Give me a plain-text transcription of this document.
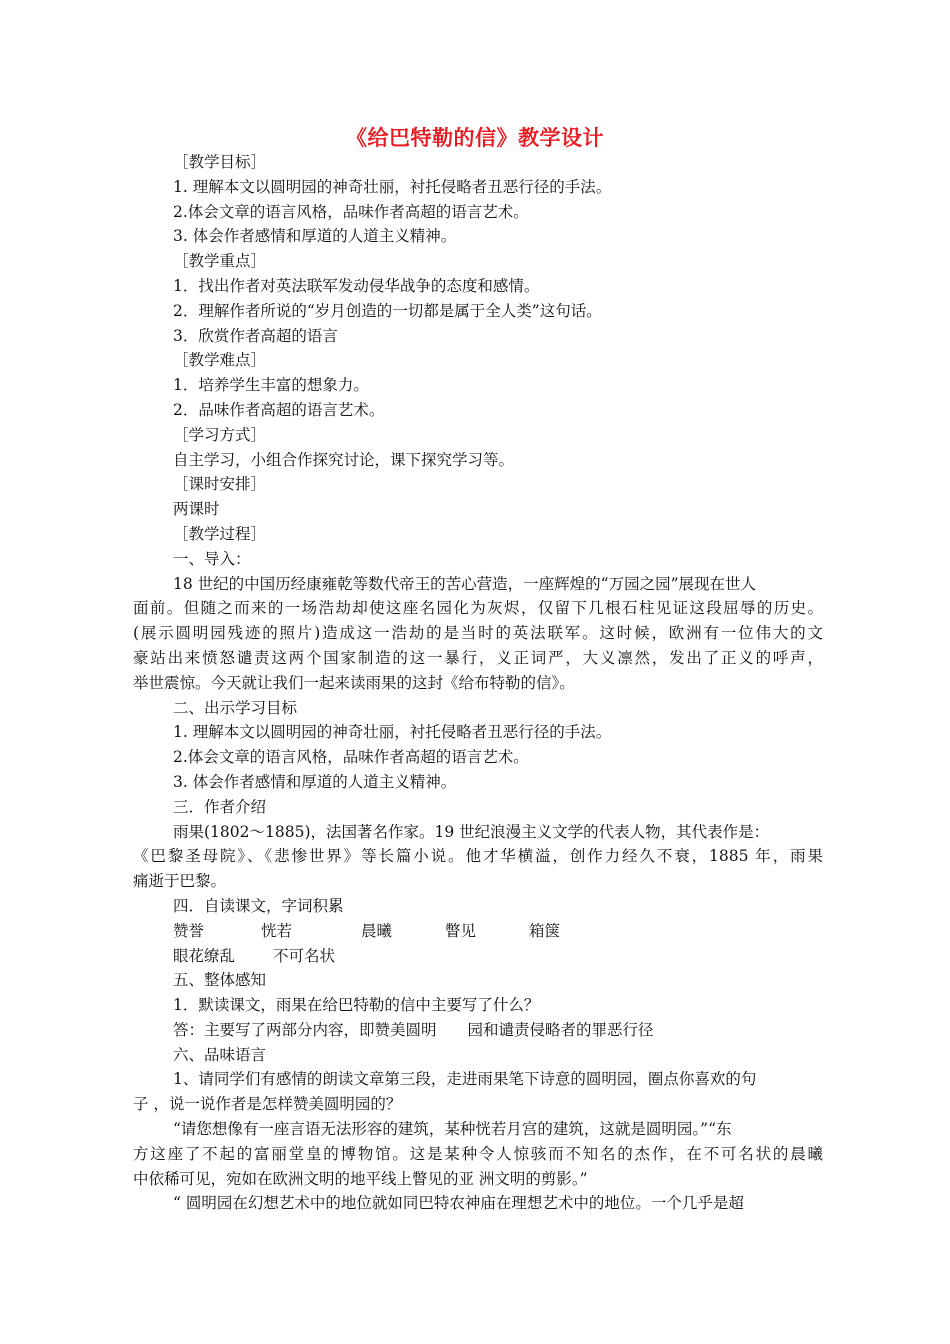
《给巴特勒的信》教学设计
［教学目标］
1. 理解本文以圆明园的神奇壮丽，衬托侵略者丑恶行径的手法。
2.体会文章的语言风格，品味作者高超的语言艺术。
3. 体会作者感情和厚道的人道主义精神。
［教学重点］
1．找出作者对英法联军发动侵华战争的态度和感情。
2．理解作者所说的“岁月创造的一切都是属于全人类”这句话。
3．欣赏作者高超的语言
［教学难点］
1．培养学生丰富的想象力。
2．品味作者高超的语言艺术。
［学习方式］
自主学习，小组合作探究讨论，课下探究学习等。
［课时安排］
两课时
［教学过程］
一、导入：
18 世纪的中国历经康雍乾等数代帝王的苦心营造，一座辉煌的“万园之园”展现在世人
面前。但随之而来的一场浩劫却使这座名园化为灰烬，仅留下几根石柱见证这段屈辱的历史。
(展示圆明园残迹的照片)造成这一浩劫的是当时的英法联军。这时候，欧洲有一位伟大的文
豪站出来愤怒谴责这两个国家制造的这一暴行，义正词严，大义凛然，发出了正义的呼声，
举世震惊。今天就让我们一起来读雨果的这封《给布特勒的信》。
二、出示学习目标
1. 理解本文以圆明园的神奇壮丽，衬托侵略者丑恶行径的手法。
2.体会文章的语言风格，品味作者高超的语言艺术。
3. 体会作者感情和厚道的人道主义精神。
三．作者介绍
雨果(1802～1885)，法国著名作家。19 世纪浪漫主义文学的代表人物，其代表作是：
《巴黎圣母院》、《悲惨世界》等长篇小说。他才华横溢，创作力经久不衰，1885 年，雨果
痛逝于巴黎。
四．自读课文，字词积累
赞誉	恍若	晨曦	瞥见	箱箧
眼花缭乱 不可名状
五、整体感知
1．默读课文，雨果在给巴特勒的信中主要写了什么？
答：主要写了两部分内容，即赞美圆明　　园和谴责侵略者的罪恶行径
六、品味语言
1、请同学们有感情的朗读文章第三段，走进雨果笔下诗意的圆明园，圈点你喜欢的句
子 ，说一说作者是怎样赞美圆明园的？
“请您想像有一座言语无法形容的建筑，某种恍若月宫的建筑，这就是圆明园。”“东
方这座了不起的富丽堂皇的博物馆。这是某种令人惊骇而不知名的杰作，在不可名状的晨曦
中依稀可见，宛如在欧洲文明的地平线上瞥见的亚 洲文明的剪影。”
“ 圆明园在幻想艺术中的地位就如同巴特农神庙在理想艺术中的地位。一个几乎是超
